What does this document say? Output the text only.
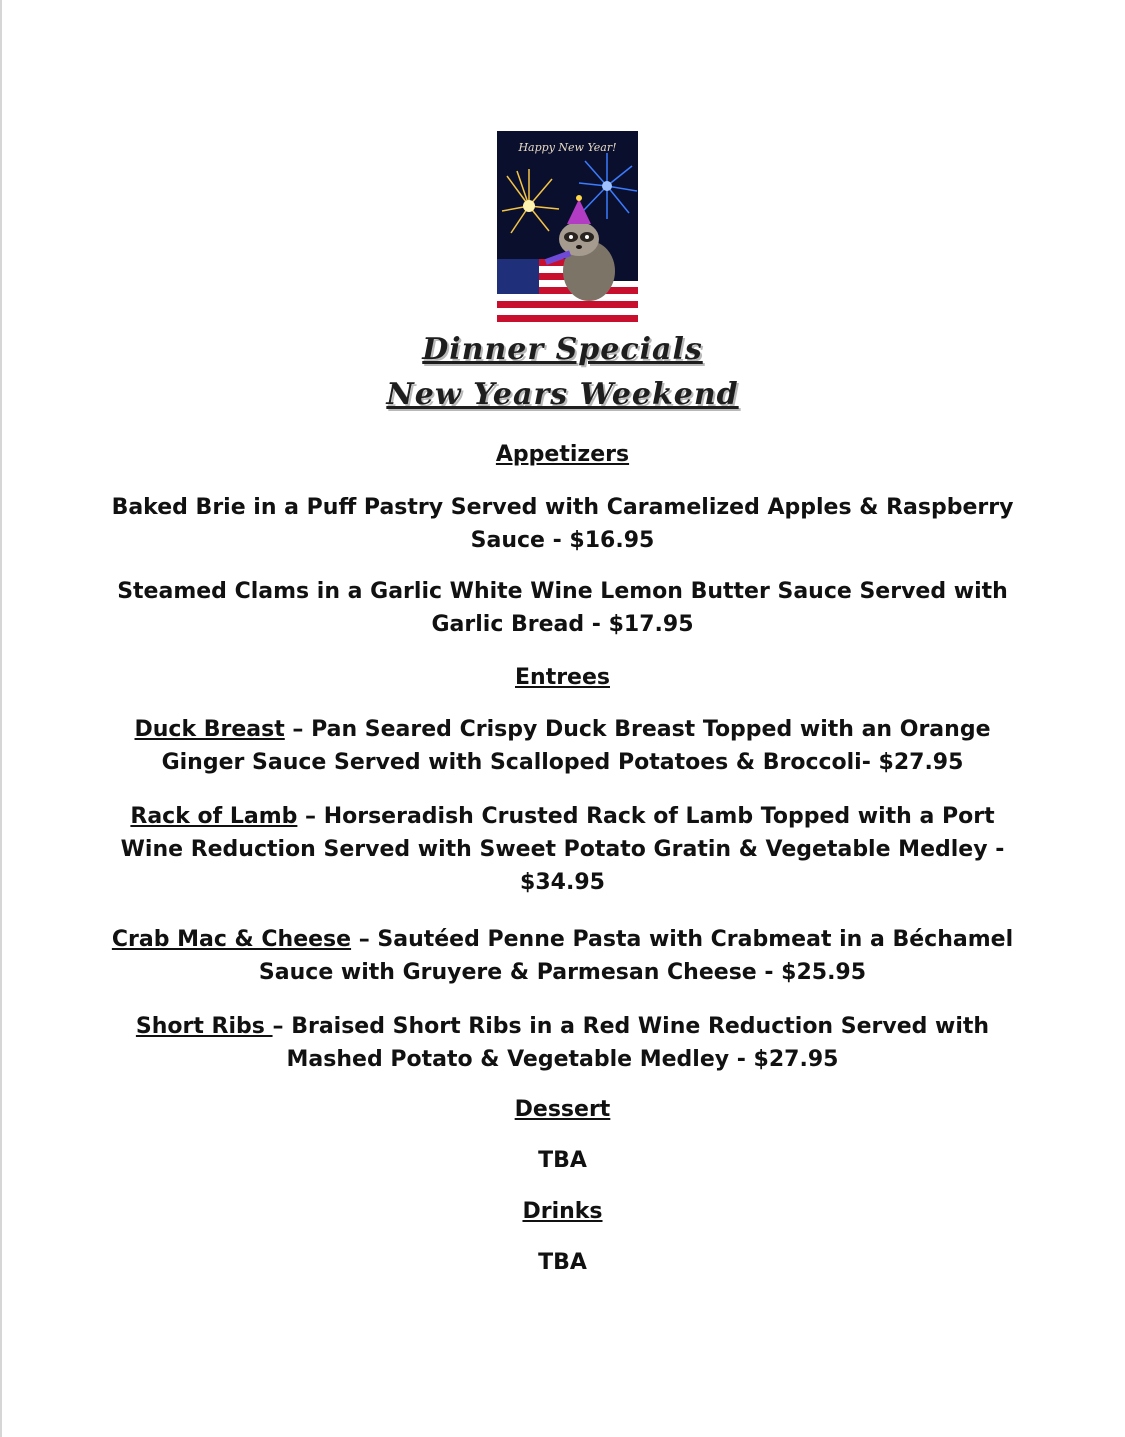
Happy New Year!
Dinner Specials
New Years Weekend
Appetizers
Baked Brie in a Puff Pastry Served with Caramelized Apples & Raspberry Sauce - $16.95
Steamed Clams in a Garlic White Wine Lemon Butter Sauce Served with Garlic Bread - $17.95
Entrees
Duck Breast – Pan Seared Crispy Duck Breast Topped with an Orange Ginger Sauce Served with Scalloped Potatoes & Broccoli- $27.95
Rack of Lamb – Horseradish Crusted Rack of Lamb Topped with a Port Wine Reduction Served with Sweet Potato Gratin & Vegetable Medley - $34.95
Crab Mac & Cheese – Sautéed Penne Pasta with Crabmeat in a Béchamel Sauce with Gruyere & Parmesan Cheese - $25.95
Short Ribs – Braised Short Ribs in a Red Wine Reduction Served with Mashed Potato & Vegetable Medley - $27.95
Dessert
TBA
Drinks
TBA
